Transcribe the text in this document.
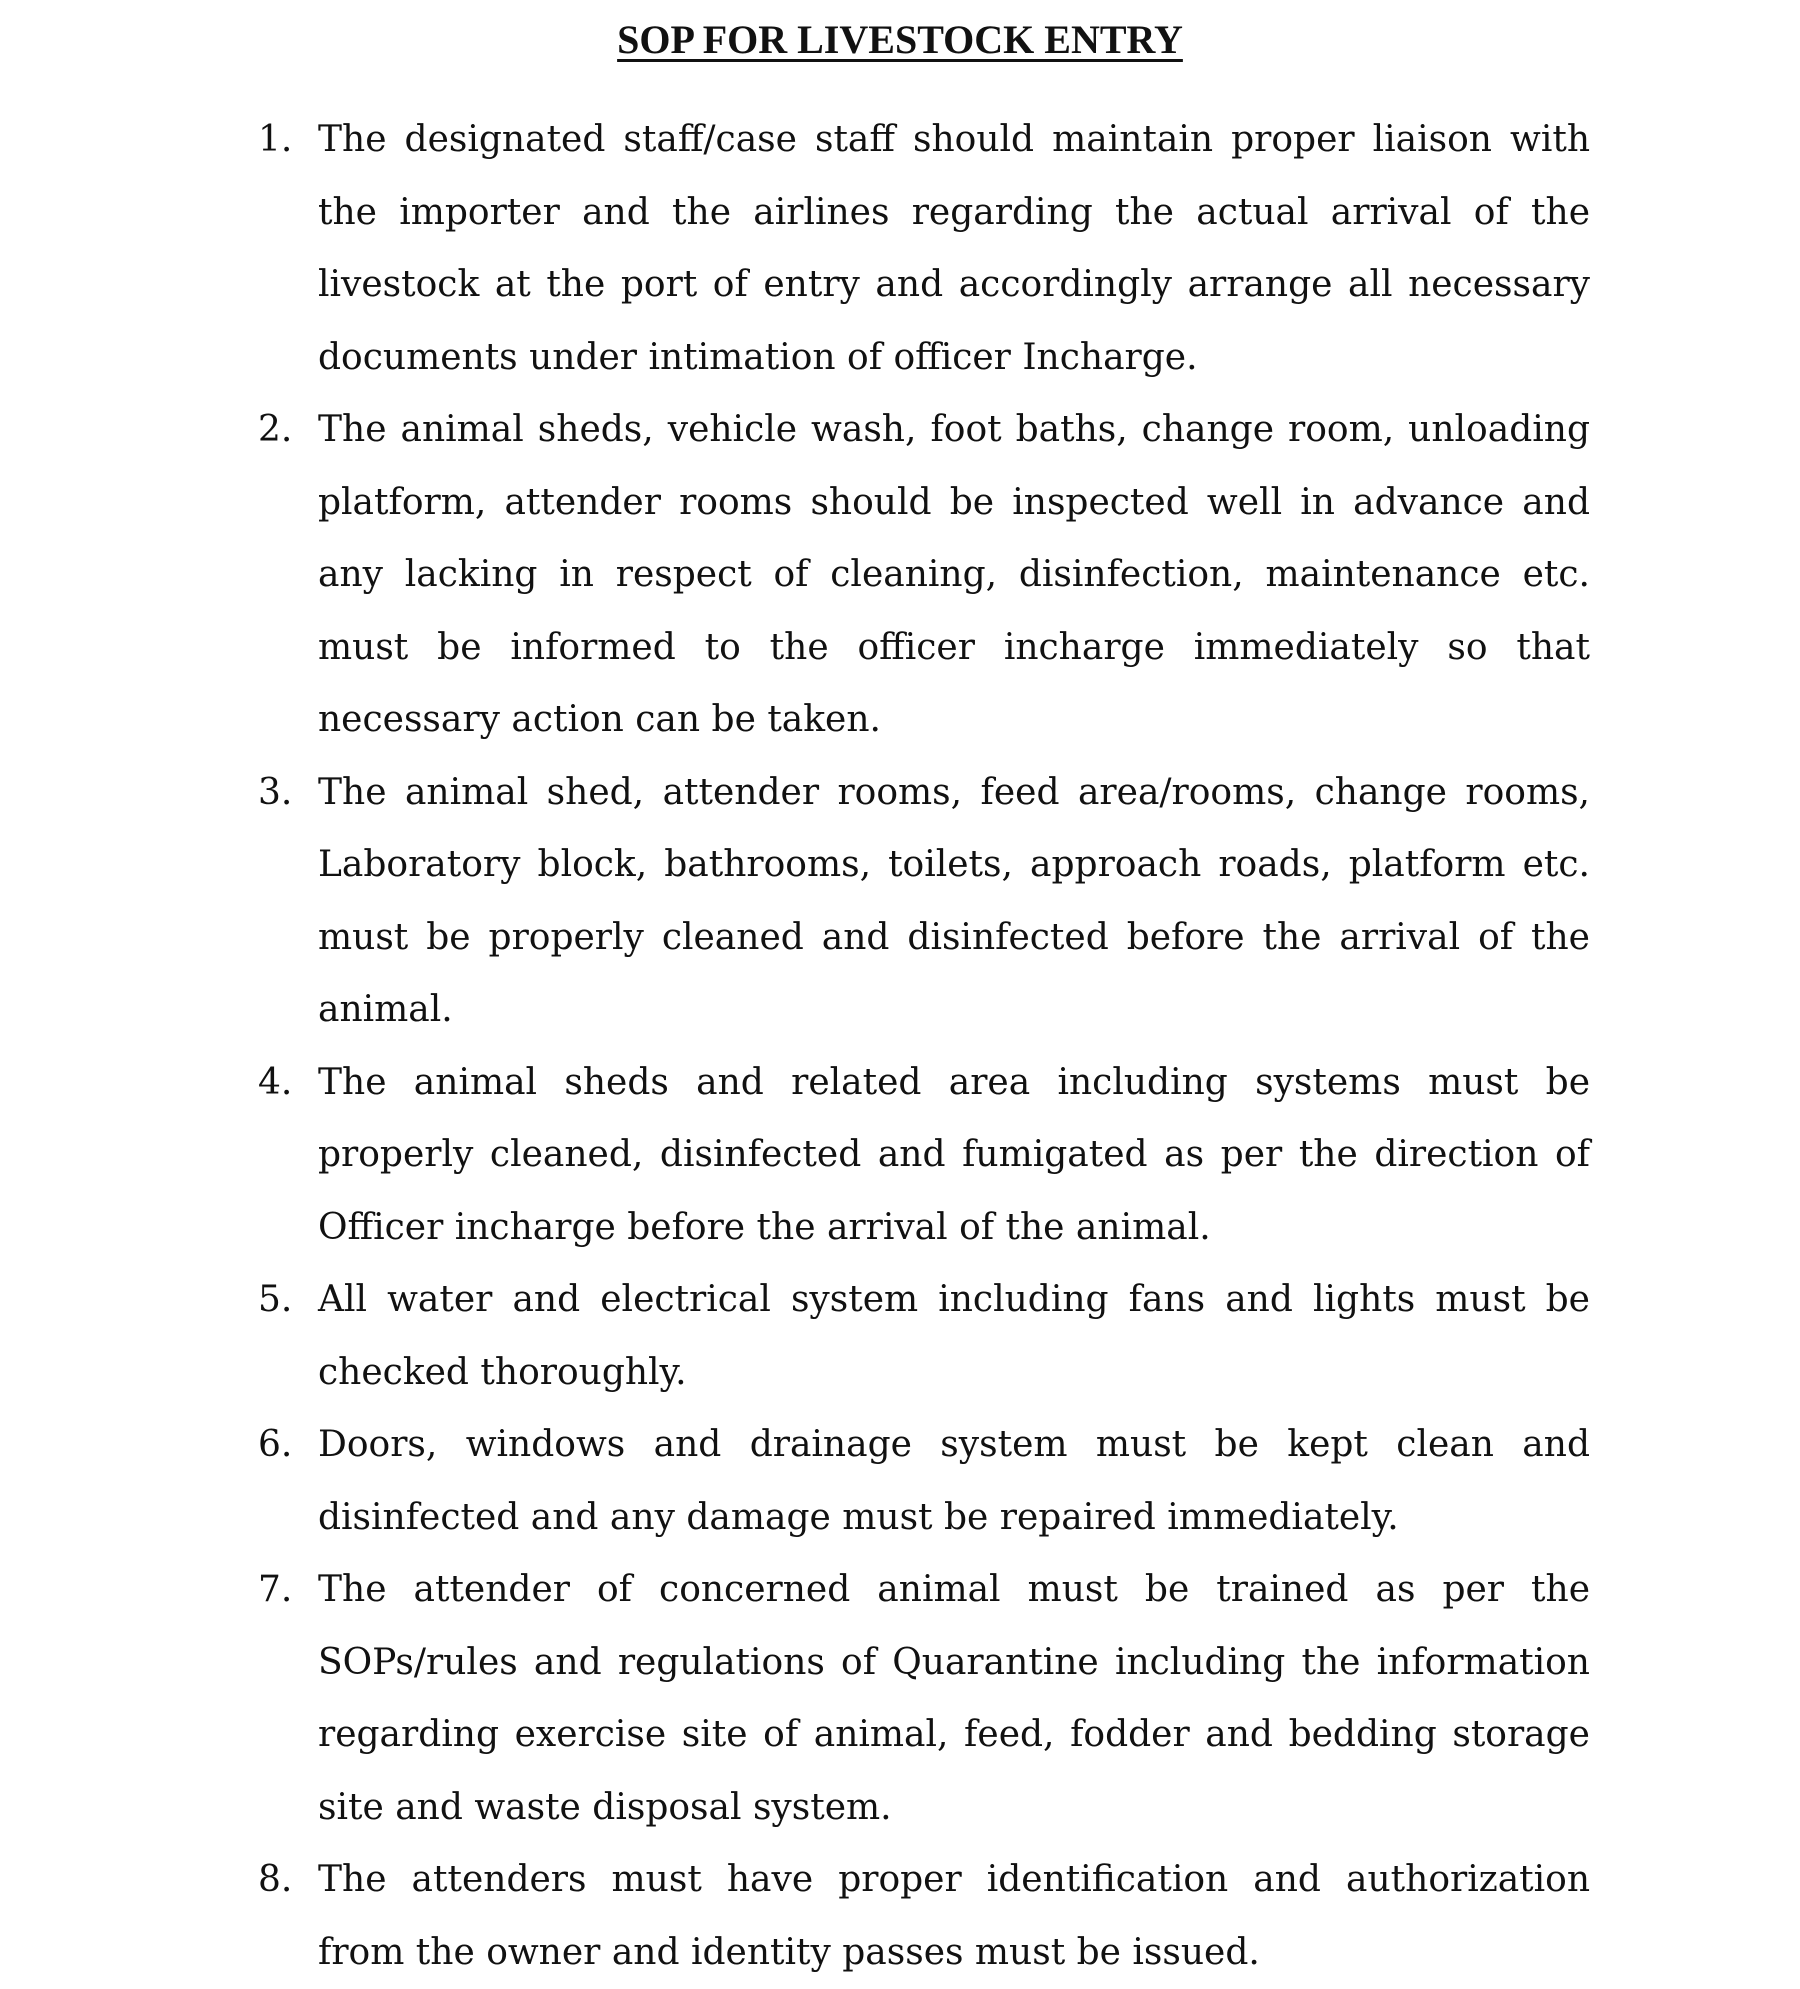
SOP FOR LIVESTOCK ENTRY
1. The designated staff/case staff should maintain proper liaison with the importer and the airlines regarding the actual arrival of the livestock at the port of entry and accordingly arrange all necessary documents under intimation of officer Incharge.
2. The animal sheds, vehicle wash, foot baths, change room, unloading platform, attender rooms should be inspected well in advance and any lacking in respect of cleaning, disinfection, maintenance etc. must be informed to the officer incharge immediately so that necessary action can be taken.
3. The animal shed, attender rooms, feed area/rooms, change rooms, Laboratory block, bathrooms, toilets, approach roads, platform etc. must be properly cleaned and disinfected before the arrival of the animal.
4. The animal sheds and related area including systems must be properly cleaned, disinfected and fumigated as per the direction of Officer incharge before the arrival of the animal.
5. All water and electrical system including fans and lights must be checked thoroughly.
6. Doors, windows and drainage system must be kept clean and disinfected and any damage must be repaired immediately.
7. The attender of concerned animal must be trained as per the SOPs/rules and regulations of Quarantine including the information regarding exercise site of animal, feed, fodder and bedding storage site and waste disposal system.
8. The attenders must have proper identification and authorization from the owner and identity passes must be issued.
